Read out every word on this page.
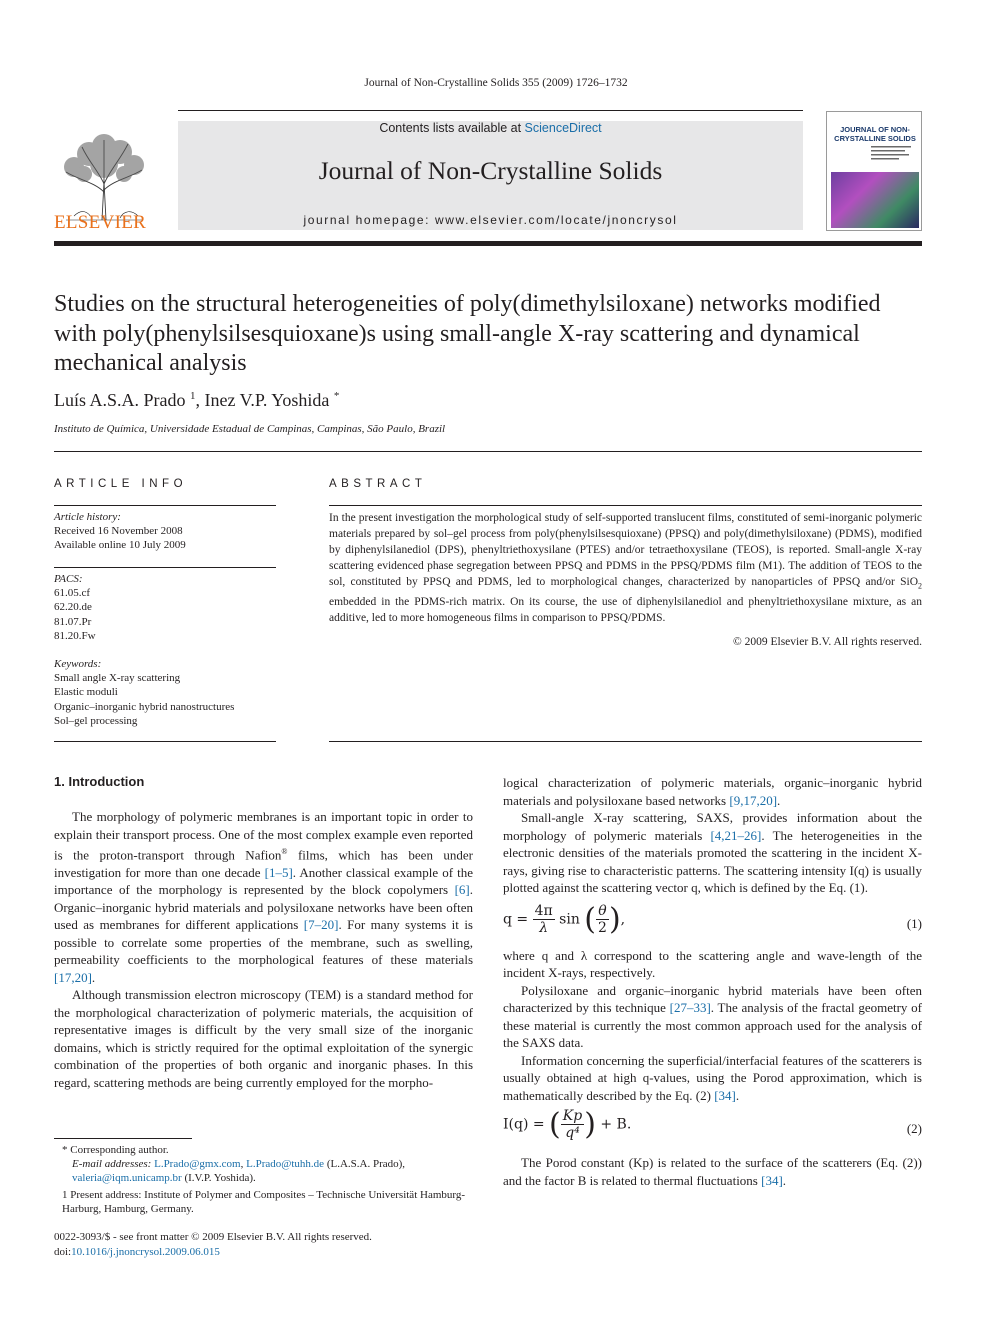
Journal of Non-Crystalline Solids 355 (2009) 1726–1732
ELSEVIER
Contents lists available at ScienceDirect
Journal of Non-Crystalline Solids
journal homepage: www.elsevier.com/locate/jnoncrysol
JOURNAL OF NON-CRYSTALLINE SOLIDS
Studies on the structural heterogeneities of poly(dimethylsiloxane) networks modified with poly(phenylsilsesquioxane)s using small-angle X-ray scattering and dynamical mechanical analysis
Luís A.S.A. Prado $^1$, Inez V.P. Yoshida *
Instituto de Química, Universidade Estadual de Campinas, Campinas, São Paulo, Brazil
ARTICLE INFO
Article history:
Received 16 November 2008
Available online 10 July 2009
PACS:
61.05.cf
62.20.de
81.07.Pr
81.20.Fw
Keywords:
Small angle X-ray scattering
Elastic moduli
Organic–inorganic hybrid nanostructures
Sol–gel processing
ABSTRACT
In the present investigation the morphological study of self-supported translucent films, constituted of semi-inorganic polymeric materials prepared by sol–gel process from poly(phenylsilsesquioxane) (PPSQ) and poly(dimethylsiloxane) (PDMS), modified by diphenylsilanediol (DPS), phenyltriethoxysilane (PTES) and/or tetraethoxysilane (TEOS), is reported. Small-angle X-ray scattering evidenced phase segregation between PPSQ and PDMS in the PPSQ/PDMS film (M1). The addition of TEOS to the sol, constituted by PPSQ and PDMS, led to morphological changes, characterized by nanoparticles of PPSQ and/or SiO$_2$ embedded in the PDMS-rich matrix. On its course, the use of diphenylsilanediol and phenyltriethoxysilane mixture, as an additive, led to more homogeneous films in comparison to PPSQ/PDMS.
© 2009 Elsevier B.V. All rights reserved.
1. Introduction

The morphology of polymeric membranes is an important topic in order to explain their transport process. One of the most complex example even reported is the proton-transport through Nafion® films, which has been under investigation for more than one decade [1–5]. Another classical example of the importance of the morphology is represented by the block copolymers [6]. Organic–inorganic hybrid materials and polysiloxane networks have been often used as membranes for different applications [7–20]. For many systems it is possible to correlate some properties of the membrane, such as swelling, permeability coefficients to the morphological features of these materials [17,20].

Although transmission electron microscopy (TEM) is a standard method for the morphological characterization of polymeric materials, the acquisition of representative images is difficult by the very small size of the inorganic domains, which is strictly required for the optimal exploitation of the synergic combination of the properties of both organic and inorganic phases. In this regard, scattering methods are being currently employed for the morpho-

logical characterization of polymeric materials, organic–inorganic hybrid materials and polysiloxane based networks [9,17,20].

Small-angle X-ray scattering, SAXS, provides information about the morphology of polymeric materials [4,21–26]. The heterogeneities in the electronic densities of the materials promoted the scattering in the incident X-rays, giving rise to characteristic patterns. The scattering intensity I(q) is usually plotted against the scattering vector q, which is defined by the Eq. (1).

$q = \frac{4\pi}{\lambda}$ sin ( $\frac{\theta}{2}$ ),	(1)

where q and λ correspond to the scattering angle and wave-length of the incident X-rays, respectively.

Polysiloxane and organic–inorganic hybrid materials have been often characterized by this technique [27–33]. The analysis of the fractal geometry of these material is currently the most common approach used for the analysis of the SAXS data.

Information concerning the superficial/interfacial features of the scatterers is usually obtained at high q-values, using the Porod approximation, which is mathematically described by the Eq. (2) [34].

I(q) = ( $\frac{Kp}{\text{q⁴}}$ ) + B.	(2)

The Porod constant (Kp) is related to the surface of the scatterers (Eq. (2)) and the factor B is related to thermal fluctuations [34].

* Corresponding author.
E-mail addresses: L.Prado@gmx.com, L.Prado@tuhh.de (L.A.S.A. Prado), valeria@iqm.unicamp.br (I.V.P. Yoshida).
1 Present address: Institute of Polymer and Composites – Technische Universität Hamburg-Harburg, Hamburg, Germany.
0022-3093/$ - see front matter © 2009 Elsevier B.V. All rights reserved.
doi:10.1016/j.jnoncrysol.2009.06.015
